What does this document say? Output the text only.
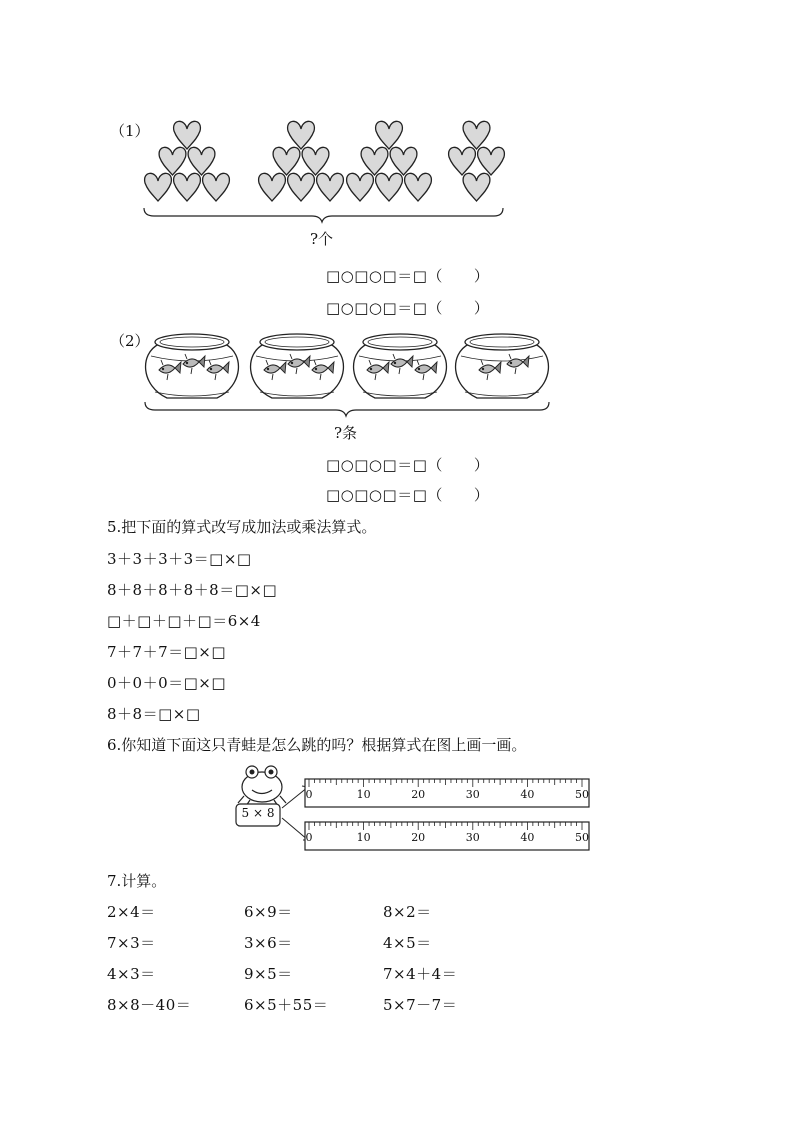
（1）
?个
□○□○□＝□（　　）
□○□○□＝□（　　）
（2）
?条
□○□○□＝□（　　）
□○□○□＝□（　　）
5.把下面的算式改写成加法或乘法算式。
3＋3＋3＋3＝□×□
8＋8＋8＋8＋8＝□×□
□＋□＋□＋□＝6×4
7＋7＋7＝□×□
0＋0＋0＝□×□
8＋8＝□×□
6.你知道下面这只青蛙是怎么跳的吗？根据算式在图上画一画。
0	10	20	30	40	50
0	10	20	30	40	50
5 × 8
7.计算。
2×4＝	6×9＝	8×2＝
7×3＝	3×6＝	4×5＝
4×3＝	9×5＝	7×4＋4＝
8×8－40＝	6×5＋55＝	5×7－7＝
